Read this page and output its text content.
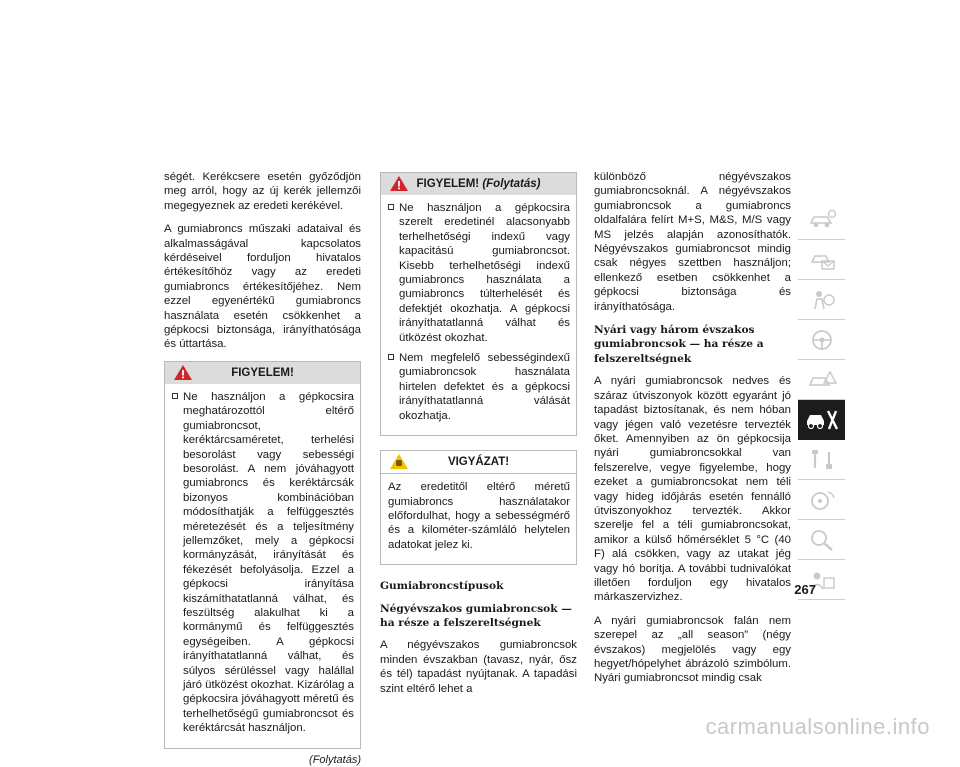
ségét. Kerékcsere esetén győződjön meg arról, hogy az új kerék jellemzői megegyeznek az eredeti kerékével.

A gumiabroncs műszaki adataival és alkalmasságával kapcsolatos kérdéseivel forduljon hivatalos értékesítőhöz vagy az eredeti gumiabroncs értékesítőjéhez. Nem ezzel egyenértékű gumiabroncs használata esetén csökkenhet a gépkocsi biztonsága, irányíthatósága és úttartása.

FIGYELEM!
Ne használjon a gépkocsira meghatározottól eltérő gumiabroncsot, keréktárcsaméretet, terhelési besorolást vagy sebességi besorolást. A nem jóváhagyott gumiabroncs és keréktárcsák bizonyos kombinációban módosíthatják a felfüggesztés méretezését és a teljesítmény jellemzőket, mely a gépkocsi kormányzását, irányítását és fékezését befolyásolja. Ezzel a gépkocsi irányítása kiszámíthatatlanná válhat, és feszültség alakulhat ki a kormánymű és felfüggesztés egységeiben. A gépkocsi irányíthatatlanná válhat, és súlyos sérüléssel vagy halállal járó ütközést okozhat. Kizárólag a gépkocsira jóváhagyott méretű és terhelhetőségű gumiabroncsot és keréktárcsát használjon.
(Folytatás)
FIGYELEM! (Folytatás)
Ne használjon a gépkocsira szerelt eredetinél alacsonyabb terhelhetőségi indexű vagy kapacitású gumiabroncsot. Kisebb terhelhetőségi indexű gumiabroncs használata a gumiabroncs túlterhelését és defektjét okozhatja. A gépkocsi irányíthatatlanná válhat és ütközést okozhat.
Nem megfelelő sebességindexű gumiabroncsok használata hirtelen defektet és a gépkocsi irányíthatatlanná válását okozhatja.
VIGYÁZAT!

Az eredetitől eltérő méretű gumiabroncs használatakor előfordulhat, hogy a sebességmérő és a kilométer-számláló helytelen adatokat jelez ki.

Gumiabroncstípusok

Négyévszakos gumiabroncsok — ha része a felszereltségnek

A négyévszakos gumiabroncsok minden évszakban (tavasz, nyár, ősz és tél) tapadást nyújtanak. A tapadási szint eltérő lehet a

különböző négyévszakos gumiabroncsoknál. A négyévszakos gumiabroncsok a gumiabroncs oldalfalára felírt M+S, M&S, M/S vagy MS jelzés alapján azonosíthatók. Négyévszakos gumiabroncsot mindig csak négyes szettben használjon; ellenkező esetben csökkenhet a gépkocsi biztonsága és irányíthatósága.

Nyári vagy három évszakos gumiabroncsok — ha része a felszereltségnek

A nyári gumiabroncsok nedves és száraz útviszonyok között egyaránt jó tapadást biztosítanak, és nem hóban vagy jégen való vezetésre tervezték őket. Amennyiben az ön gépkocsija nyári gumiabroncsokkal van felszerelve, vegye figyelembe, hogy ezeket a gumiabroncsokat nem téli vagy hideg időjárás esetén fennálló útviszonyokhoz tervezték. Akkor szerelje fel a téli gumiabroncsokat, amikor a külső hőmérséklet 5 °C (40 F) alá csökken, vagy az utakat jég vagy hó borítja. A további tudnivalókat illetően forduljon egy hivatalos márkaszervizhez.

A nyári gumiabroncsok falán nem szerepel az „all season” (négy évszakos) megjelölés vagy egy hegyet/hópelyhet ábrázoló szimbólum. Nyári gumiabroncsot mindig csak

267
carmanualsonline.info
